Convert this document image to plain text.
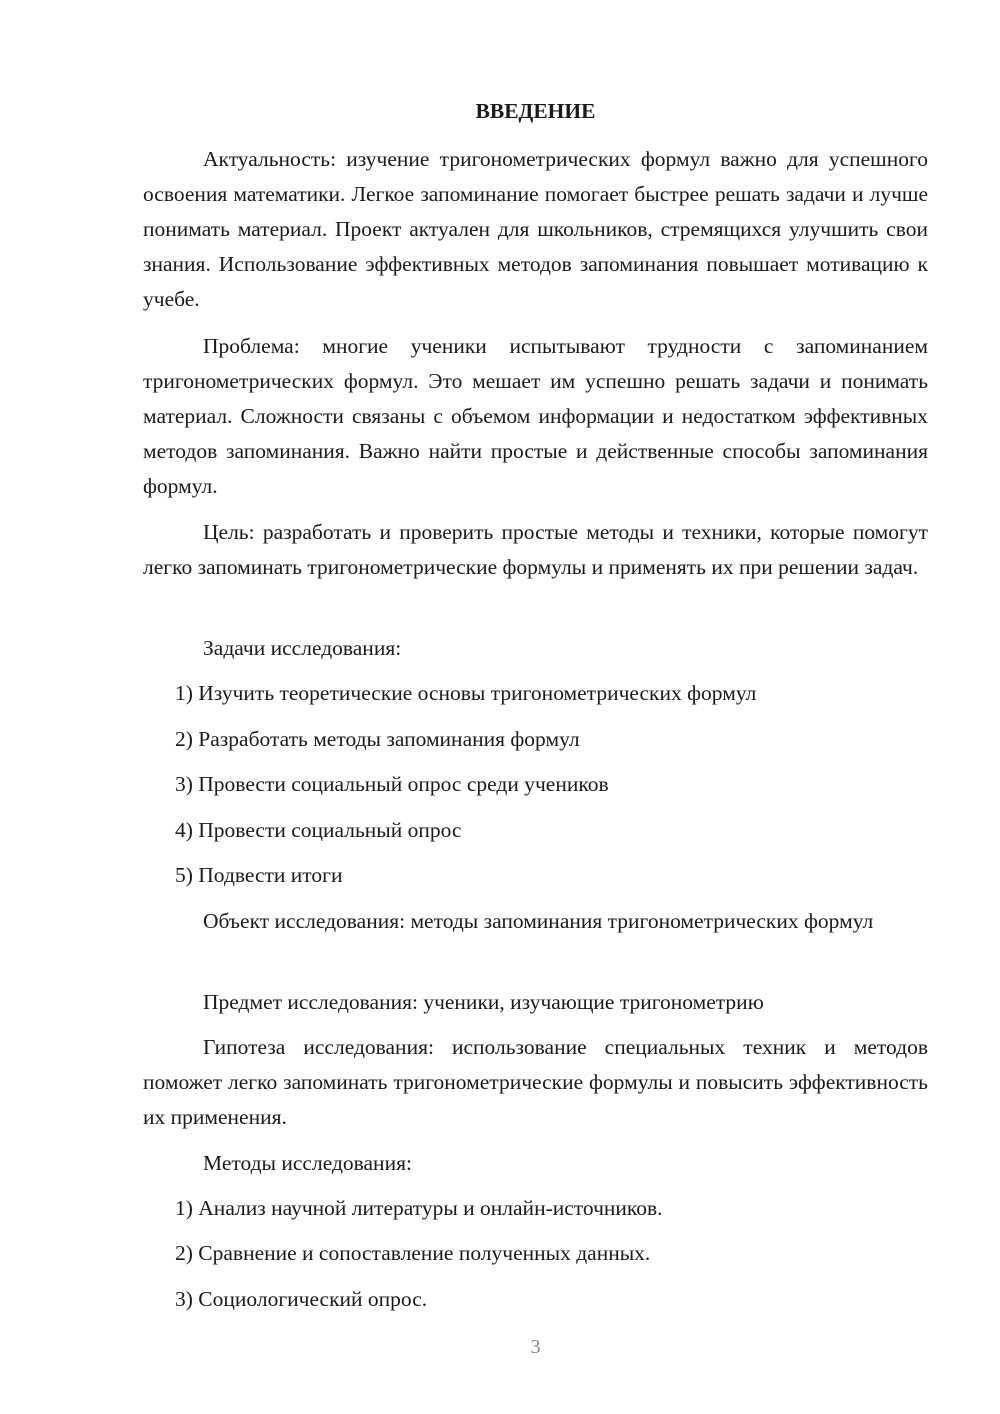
ВВЕДЕНИЕ

Актуальность: изучение тригонометрических формул важно для успешного освоения математики. Легкое запоминание помогает быстрее решать задачи и лучше понимать материал. Проект актуален для школьников, стремящихся улучшить свои знания. Использование эффективных методов запоминания повышает мотивацию к учебе.

Проблема: многие ученики испытывают трудности с запоминанием тригонометрических формул. Это мешает им успешно решать задачи и понимать материал. Сложности связаны с объемом информации и недостатком эффективных методов запоминания. Важно найти простые и действенные способы запоминания формул.

Цель: разработать и проверить простые методы и техники, которые помогут легко запоминать тригонометрические формулы и применять их при решении задач.

Задачи исследования:

1) Изучить теоретические основы тригонометрических формул

2) Разработать методы запоминания формул

3) Провести социальный опрос среди учеников

4) Провести социальный опрос

5) Подвести итоги

Объект исследования: методы запоминания тригонометрических формул

Предмет исследования: ученики, изучающие тригонометрию

Гипотеза исследования: использование специальных техник и методов поможет легко запоминать тригонометрические формулы и повысить эффективность их применения.

Методы исследования:

1) Анализ научной литературы и онлайн-источников.

2) Сравнение и сопоставление полученных данных.

3) Социологический опрос.

3
